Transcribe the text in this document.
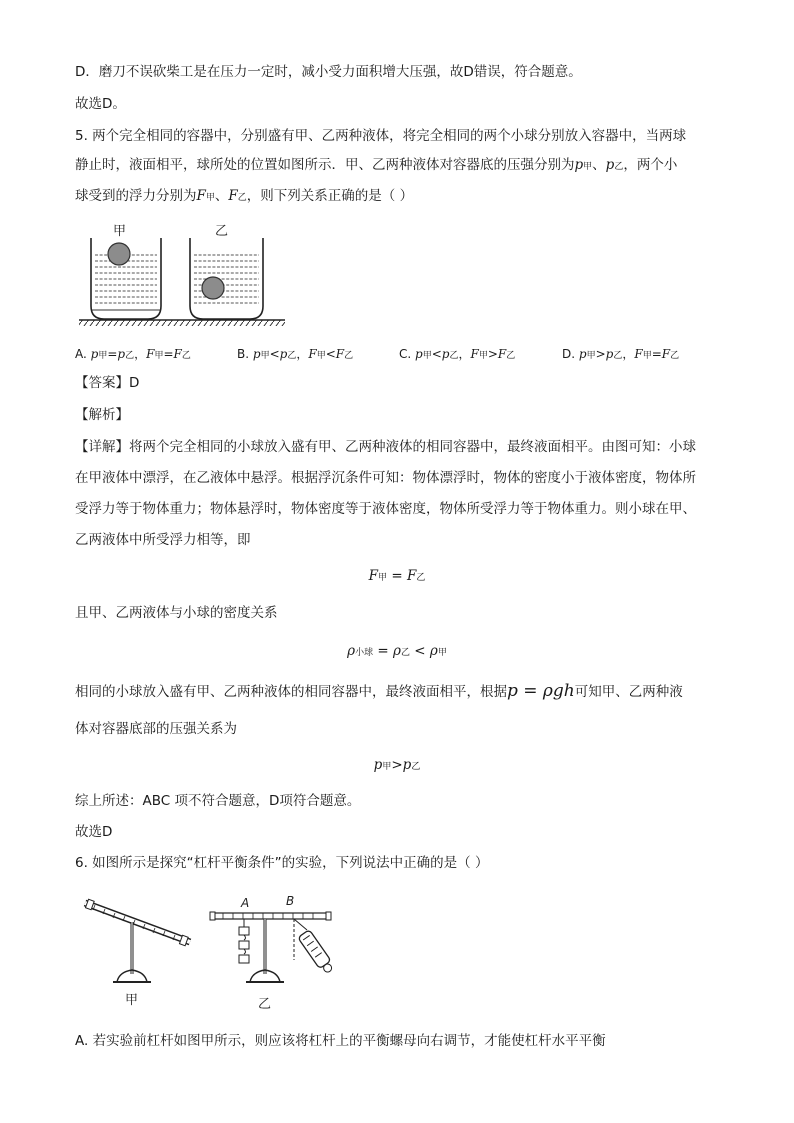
D．磨刀不误砍柴工是在压力一定时，减小受力面积增大压强，故D错误，符合题意。
故选D。
5. 两个完全相同的容器中，分别盛有甲、乙两种液体，将完全相同的两个小球分别放入容器中，当两球
静止时，液面相平，球所处的位置如图所示．甲、乙两种液体对容器底的压强分别为p甲、p乙，两个小
球受到的浮力分别为F甲、F乙，则下列关系正确的是（ ）
甲	乙
A. p甲=p乙，F甲=F乙	B. p甲<p乙，F甲<F乙	C. p甲<p乙，F甲>F乙	D. p甲>p乙，F甲=F乙
【答案】D
【解析】
【详解】将两个完全相同的小球放入盛有甲、乙两种液体的相同容器中，最终液面相平。由图可知：小球
在甲液体中漂浮，在乙液体中悬浮。根据浮沉条件可知：物体漂浮时，物体的密度小于液体密度，物体所
受浮力等于物体重力；物体悬浮时，物体密度等于液体密度，物体所受浮力等于物体重力。则小球在甲、
乙两液体中所受浮力相等，即
F甲 = F乙
且甲、乙两液体与小球的密度关系
ρ小球 = ρ乙 < ρ甲
相同的小球放入盛有甲、乙两种液体的相同容器中，最终液面相平，根据p = ρgh可知甲、乙两种液
体对容器底部的压强关系为
p甲>p乙
综上所述：ABC 项不符合题意，D项符合题意。
故选D
6. 如图所示是探究“杠杆平衡条件”的实验，下列说法中正确的是（ ）
甲
A	B
乙
A. 若实验前杠杆如图甲所示，则应该将杠杆上的平衡螺母向右调节，才能使杠杆水平平衡
